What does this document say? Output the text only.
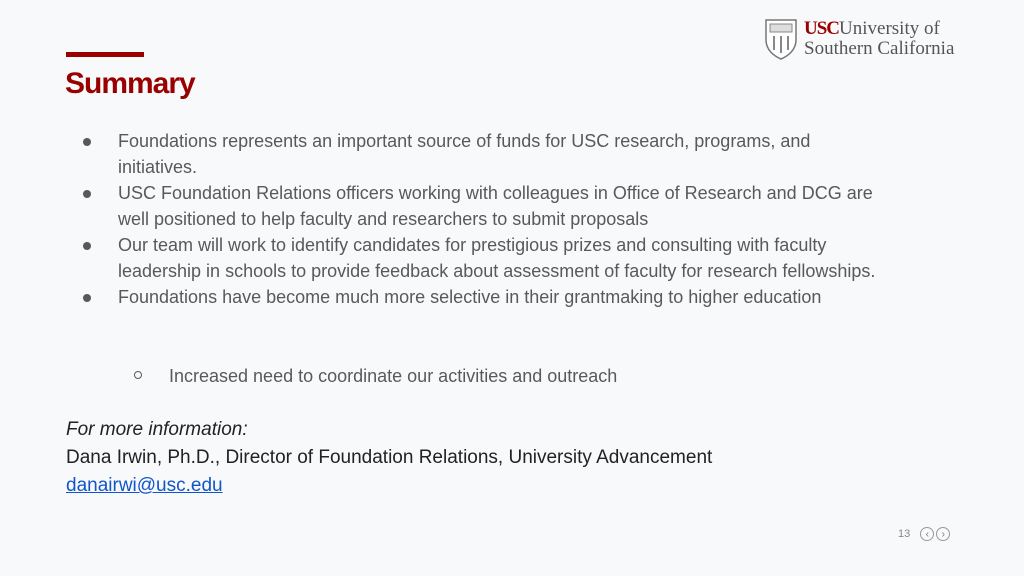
Summary
USCUniversity of
Southern California
Foundations represents an important source of funds for USC research, programs, and initiatives.
USC Foundation Relations officers working with colleagues in Office of Research and DCG are well positioned to help faculty and researchers to submit proposals
Our team will work to identify candidates for prestigious prizes and consulting with faculty leadership in schools to provide feedback about assessment of faculty for research fellowships.
Foundations have become much more selective in their grantmaking to higher education
Increased need to coordinate our activities and outreach
For more information:
Dana Irwin, Ph.D., Director of Foundation Relations, University Advancement
danairwi@usc.edu
13	‹	›
